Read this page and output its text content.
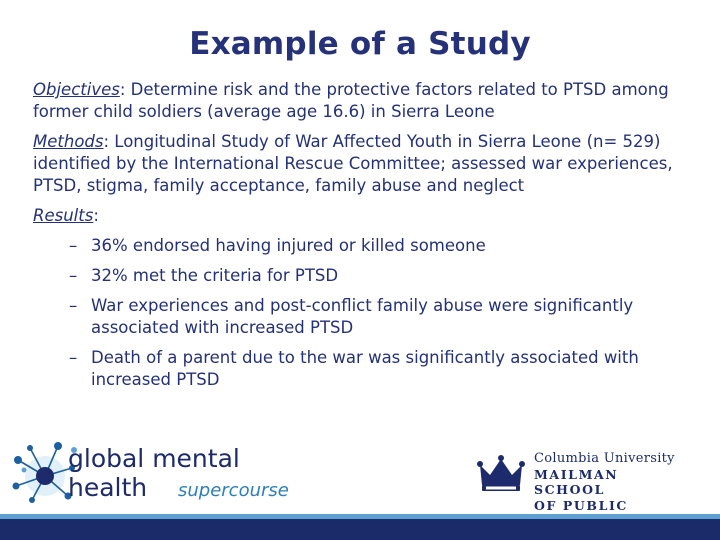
Example of a Study

Objectives: Determine risk and the protective factors related to PTSD among former child soldiers (average age 16.6) in Sierra Leone

Methods: Longitudinal Study of War Affected Youth in Sierra Leone (n= 529) identified by the International Rescue Committee; assessed war experiences, PTSD, stigma, family acceptance, family abuse and neglect

Results:
– 36% endorsed having injured or killed someone
– 32% met the criteria for PTSD
– War experiences and post-conflict family abuse were significantly associated with increased PTSD
– Death of a parent due to the war was significantly associated with increased PTSD
global mental health	supercourse
Columbia University
MAILMAN SCHOOL
OF PUBLIC
